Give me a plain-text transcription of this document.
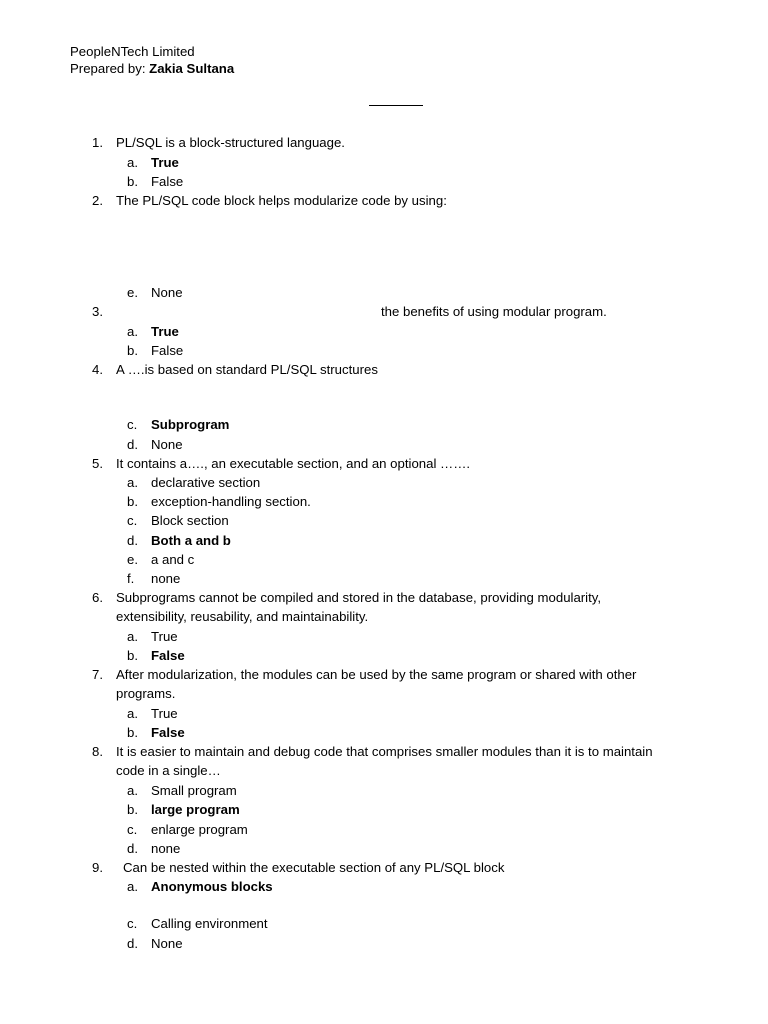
PeopleNTech Limited
Prepared by: Zakia Sultana
1. PL/SQL is a block-structured language.
a. True
b. False
2. The PL/SQL code block helps modularize code by using:
e. None
3.	the benefits of using modular program.
a. True
b. False
4. A ….is based on standard PL/SQL structures
c. Subprogram
d. None
5. It contains a…., an executable section, and an optional …….
a. declarative section
b. exception-handling section.
c. Block section
d. Both a and b
e. a and c
f. none
6. Subprograms cannot be compiled and stored in the database, providing modularity,
extensibility, reusability, and maintainability.
a. True
b. False
7. After modularization, the modules can be used by the same program or shared with other
programs.
a. True
b. False
8. It is easier to maintain and debug code that comprises smaller modules than it is to maintain
code in a single…
a. Small program
b. large program
c. enlarge program
d. none
9. Can be nested within the executable section of any PL/SQL block
a. Anonymous blocks
c. Calling environment
d. None
